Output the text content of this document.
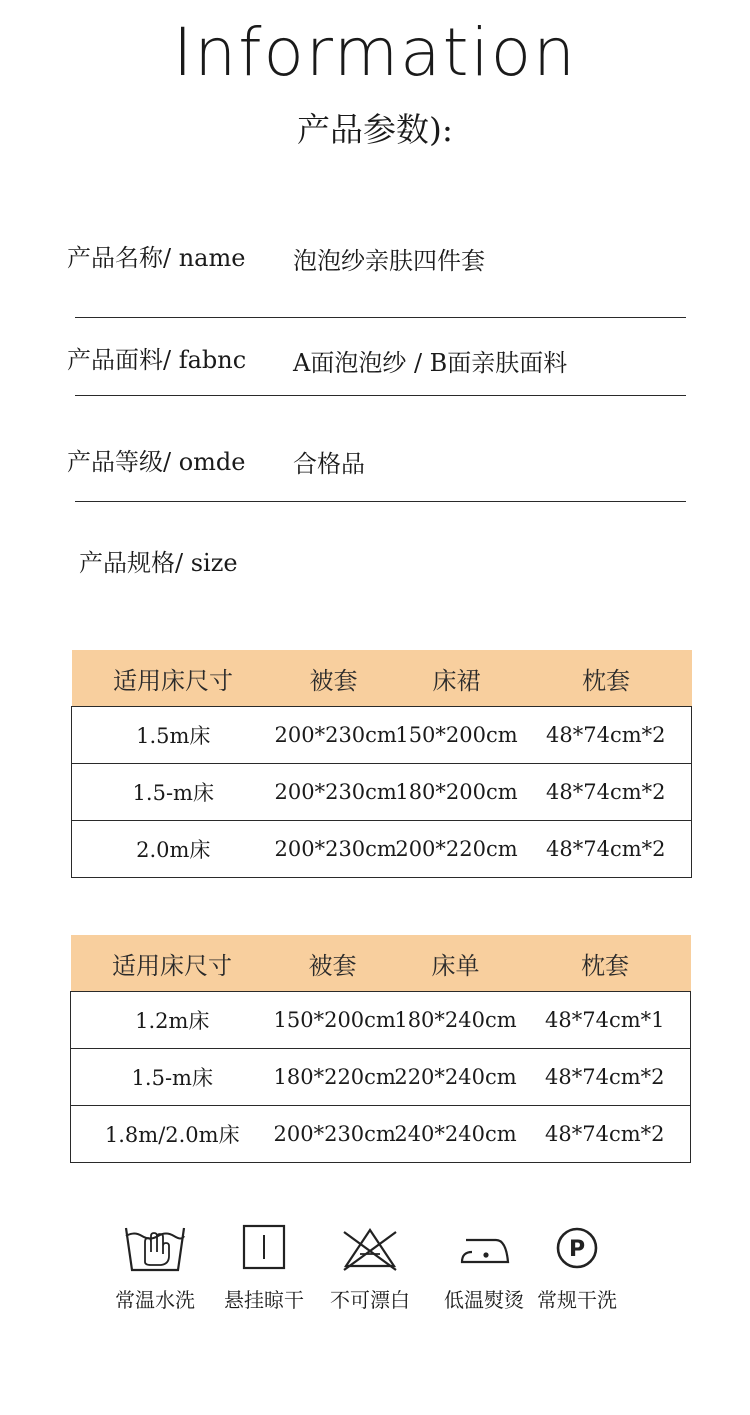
Information
产品参数):
产品名称/ name 泡泡纱亲肤四件套
产品面料/ fabnc A面泡泡纱 / B面亲肤面料
产品等级/ omde 合格品
产品规格/ size
适用床尺寸	被套	床裙	枕套
1.5m床	200*230cm	150*200cm	48*74cm*2
1.5-m床	200*230cm	180*200cm	48*74cm*2
2.0m床	200*230cm	200*220cm	48*74cm*2
适用床尺寸	被套	床单	枕套
1.2m床	150*200cm	180*240cm	48*74cm*1
1.5-m床	180*220cm	220*240cm	48*74cm*2
1.8m/2.0m床	200*230cm	240*240cm	48*74cm*2
常温水洗	悬挂晾干	不可漂白	低温熨烫
P
常规干洗
